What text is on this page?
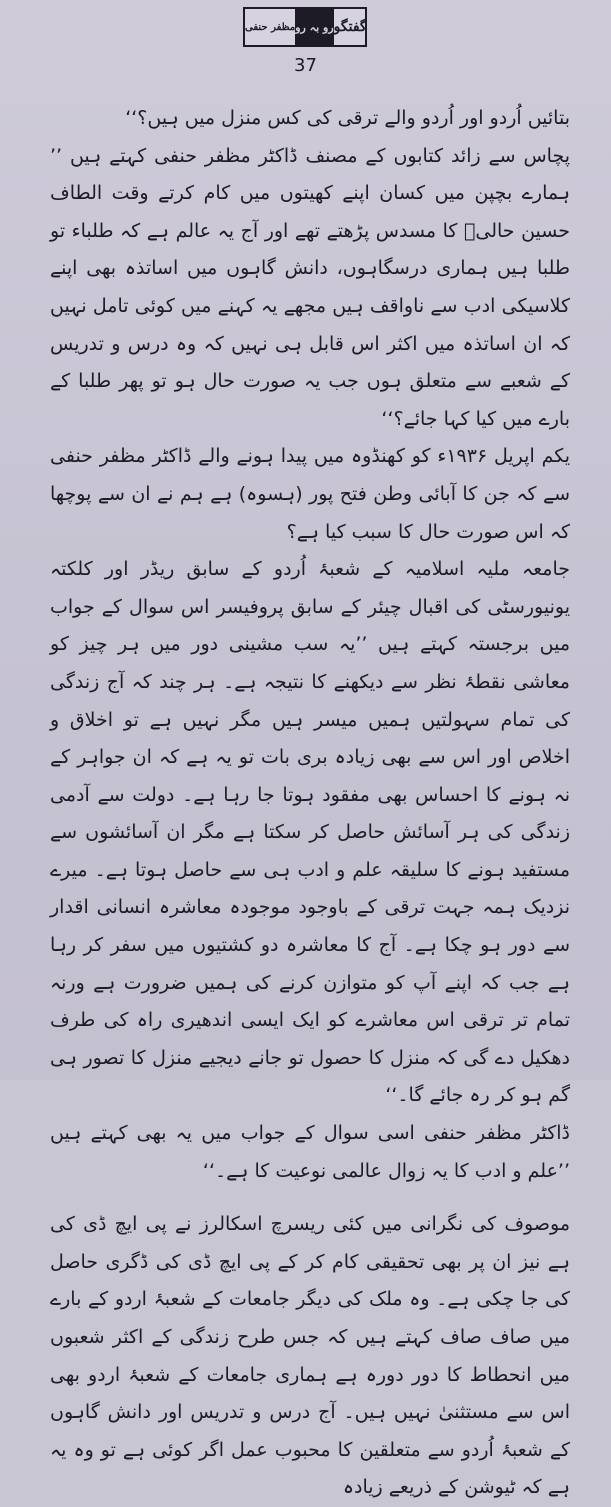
مظفر حنفی رو بہ رو گفتگو
37

بتائیں اُردو اور اُردو والے ترقی کی کس منزل میں ہیں؟‘‘

پچاس سے زائد کتابوں کے مصنف ڈاکٹر مظفر حنفی کہتے ہیں ’’ ہمارے بچپن میں کسان اپنے کھیتوں میں کام کرتے وقت الطاف حسین حالیؔ کا مسدس پڑھتے تھے اور آج یہ عالم ہے کہ طلباء تو طلبا ہیں ہماری درسگاہوں، دانش گاہوں میں اساتذہ بھی اپنے کلاسیکی ادب سے ناواقف ہیں مجھے یہ کہنے میں کوئی تامل نہیں کہ ان اساتذہ میں اکثر اس قابل ہی نہیں کہ وہ درس و تدریس کے شعبے سے متعلق ہوں جب یہ صورت حال ہو تو پھر طلبا کے بارے میں کیا کہا جائے؟‘‘

یکم اپریل ۱۹۳۶ء کو کھنڈوہ میں پیدا ہونے والے ڈاکٹر مظفر حنفی سے کہ جن کا آبائی وطن فتح پور (ہسوہ) ہے ہم نے ان سے پوچھا کہ اس صورت حال کا سبب کیا ہے؟

جامعہ ملیہ اسلامیہ کے شعبۂ اُردو کے سابق ریڈر اور کلکتہ یونیورسٹی کی اقبال چیئر کے سابق پروفیسر اس سوال کے جواب میں برجستہ کہتے ہیں ’’یہ سب مشینی دور میں ہر چیز کو معاشی نقطۂ نظر سے دیکھنے کا نتیجہ ہے۔ ہر چند کہ آج زندگی کی تمام سہولتیں ہمیں میسر ہیں مگر نہیں ہے تو اخلاق و اخلاص اور اس سے بھی زیادہ بری بات تو یہ ہے کہ ان جواہر کے نہ ہونے کا احساس بھی مفقود ہوتا جا رہا ہے۔ دولت سے آدمی زندگی کی ہر آسائش حاصل کر سکتا ہے مگر ان آسائشوں سے مستفید ہونے کا سلیقہ علم و ادب ہی سے حاصل ہوتا ہے۔ میرے نزدیک ہمہ جہت ترقی کے باوجود موجودہ معاشرہ انسانی اقدار سے دور ہو چکا ہے۔ آج کا معاشرہ دو کشتیوں میں سفر کر رہا ہے جب کہ اپنے آپ کو متوازن کرنے کی ہمیں ضرورت ہے ورنہ تمام تر ترقی اس معاشرے کو ایک ایسی اندھیری راہ کی طرف دھکیل دے گی کہ منزل کا حصول تو جانے دیجیے منزل کا تصور ہی گم ہو کر رہ جائے گا۔‘‘

ڈاکٹر مظفر حنفی اسی سوال کے جواب میں یہ بھی کہتے ہیں ’’علم و ادب کا یہ زوال عالمی نوعیت کا ہے۔‘‘

موصوف کی نگرانی میں کئی ریسرچ اسکالرز نے پی ایچ ڈی کی ہے نیز ان پر بھی تحقیقی کام کر کے پی ایچ ڈی کی ڈگری حاصل کی جا چکی ہے۔ وہ ملک کی دیگر جامعات کے شعبۂ اردو کے بارے میں صاف صاف کہتے ہیں کہ جس طرح زندگی کے اکثر شعبوں میں انحطاط کا دور دورہ ہے ہماری جامعات کے شعبۂ اردو بھی اس سے مستثنیٰ نہیں ہیں۔ آج درس و تدریس اور دانش گاہوں کے شعبۂ اُردو سے متعلقین کا محبوب عمل اگر کوئی ہے تو وہ یہ ہے کہ ٹیوشن کے ذریعے زیادہ
